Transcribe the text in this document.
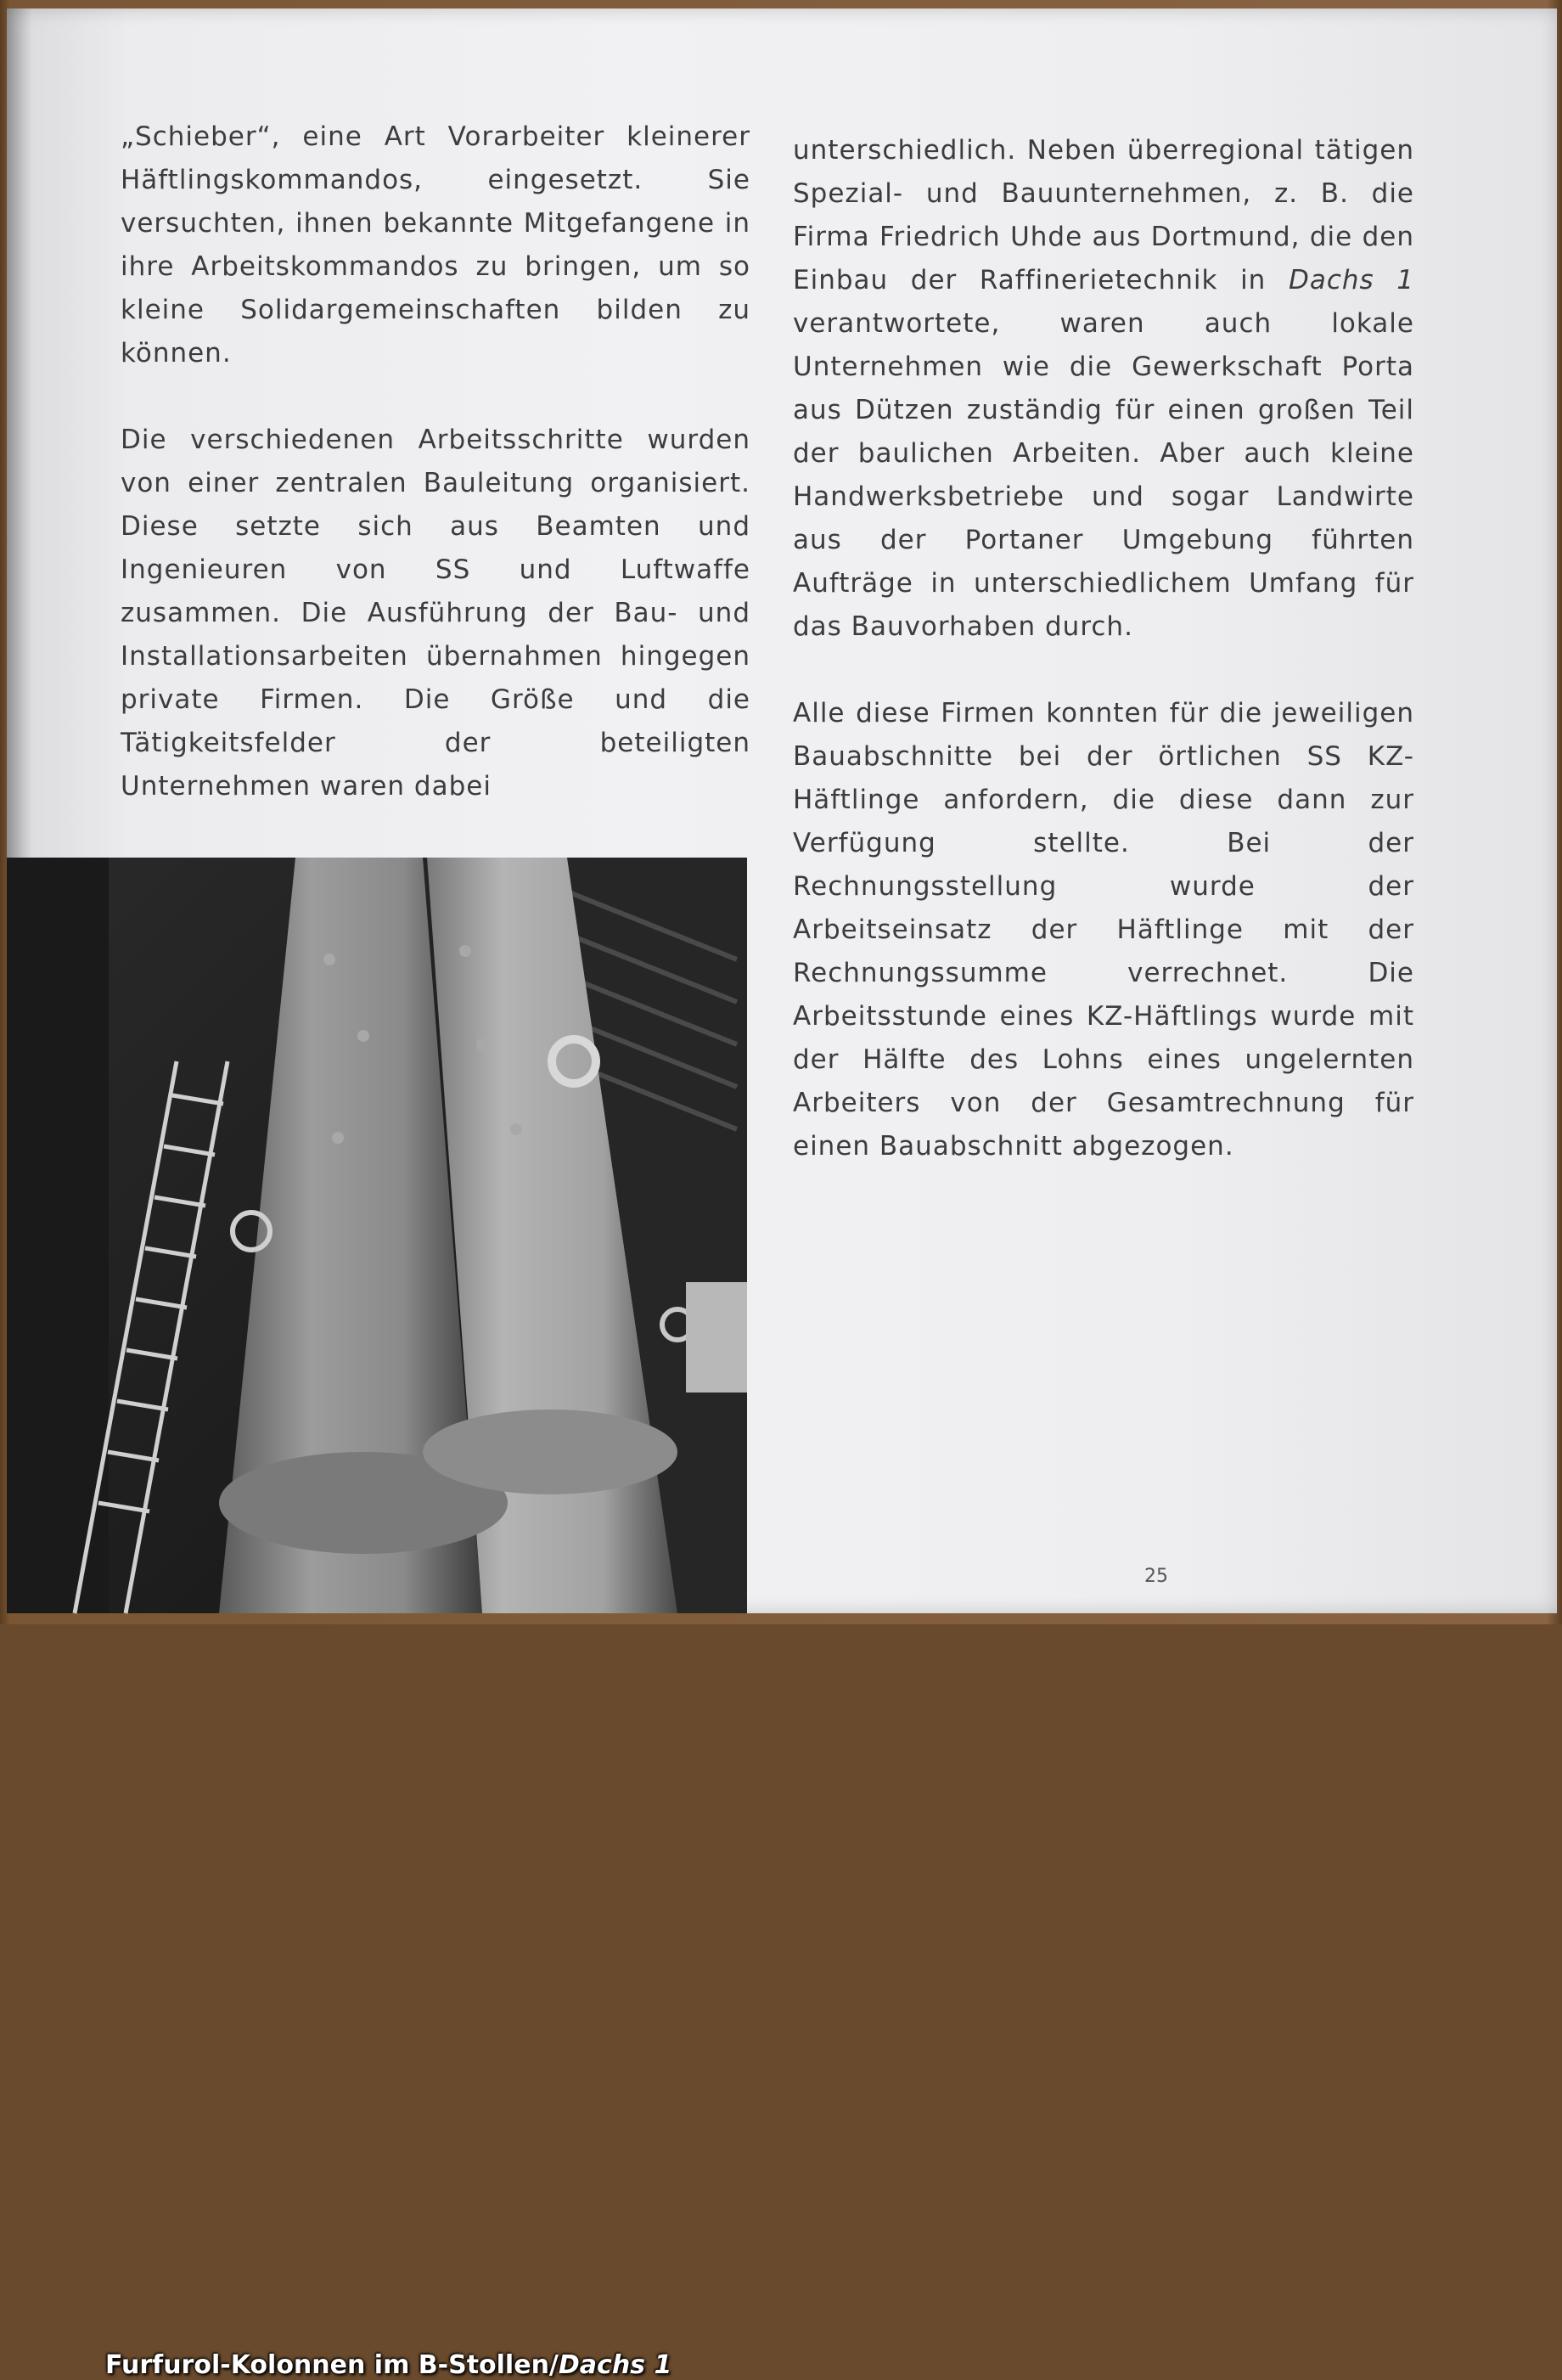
„Schieber“, eine Art Vorarbeiter kleinerer Häftlingskommandos, eingesetzt. Sie versuchten, ihnen bekannte Mitgefangene in ihre Arbeitskommandos zu bringen, um so kleine Solidargemeinschaften bilden zu können.

Die verschiedenen Arbeitsschritte wurden von einer zentralen Bauleitung organisiert. Diese setzte sich aus Beamten und Ingenieuren von SS und Luftwaffe zusammen. Die Ausführung der Bau- und Installationsarbeiten übernahmen hingegen private Firmen. Die Größe und die Tätigkeitsfelder der beteiligten Unternehmen waren dabei

unterschiedlich. Neben überregional tätigen Spezial- und Bauunternehmen, z. B. die Firma Friedrich Uhde aus Dortmund, die den Einbau der Raffinerietechnik in Dachs 1 verantwortete, waren auch lokale Unternehmen wie die Gewerkschaft Porta aus Dützen zuständig für einen großen Teil der baulichen Arbeiten. Aber auch kleine Handwerksbetriebe und sogar Landwirte aus der Portaner Umgebung führten Aufträge in unterschiedlichem Umfang für das Bauvorhaben durch.

Alle diese Firmen konnten für die jeweiligen Bauabschnitte bei der örtlichen SS KZ-Häftlinge anfordern, die diese dann zur Verfügung stellte. Bei der Rechnungsstellung wurde der Arbeitseinsatz der Häftlinge mit der Rechnungssumme verrechnet. Die Arbeitsstunde eines KZ-Häftlings wurde mit der Hälfte des Lohns eines ungelernten Arbeiters von der Gesamtrechnung für einen Bauabschnitt abgezogen.

Furfurol-Kolonnen im B-Stollen/Dachs 1
25
